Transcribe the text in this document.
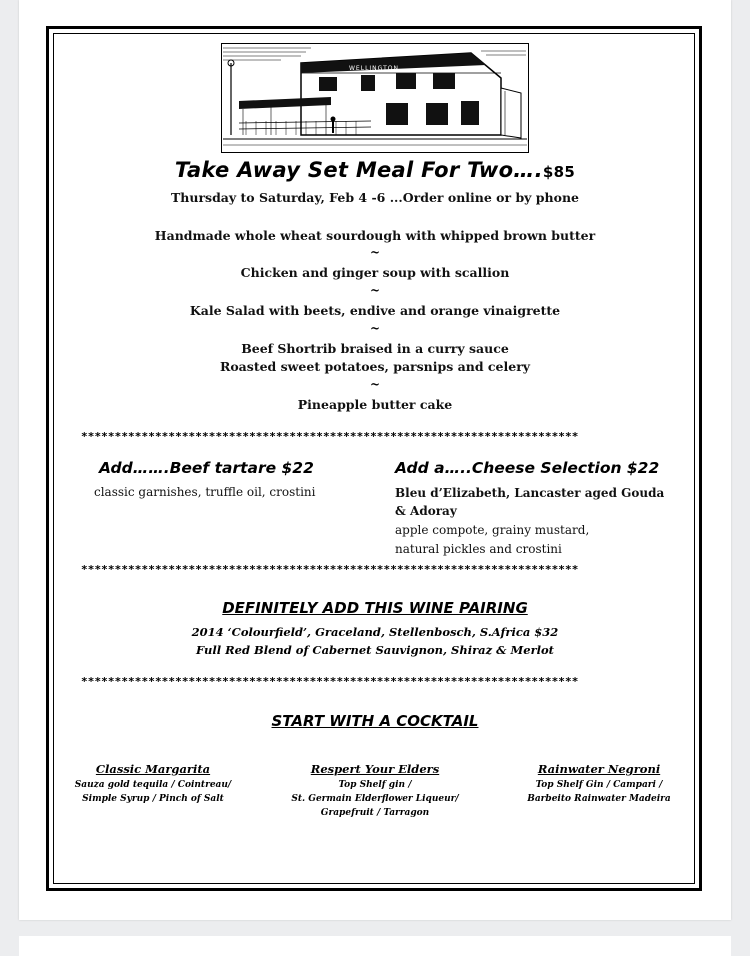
WELLINGTON
Take Away Set Meal For Two….$85
Thursday to Saturday, Feb 4 -6 ...Order online or by phone
Handmade whole wheat sourdough with whipped brown butter
~
Chicken and ginger soup with scallion
~
Kale Salad with beets, endive and orange vinaigrette
~
Beef Shortrib braised in a curry sauce
Roasted sweet potatoes, parsnips and celery
~
Pineapple butter cake
**************************************************************************
Add…….Beef tartare $22
classic garnishes, truffle oil, crostini
Add a…..Cheese Selection $22
Bleu d’Elizabeth, Lancaster aged Gouda
& Adoray
apple compote, grainy mustard,
natural pickles and crostini
**************************************************************************
DEFINITELY ADD THIS WINE PAIRING
2014 ‘Colourfield’, Graceland, Stellenbosch, S.Africa $32
Full Red Blend of Cabernet Sauvignon, Shiraz & Merlot
**************************************************************************
START WITH A COCKTAIL
Classic Margarita
Sauza gold tequila / Cointreau/
Simple Syrup / Pinch of Salt
Respert Your Elders
Top Shelf gin /
St. Germain Elderflower Liqueur/
Grapefruit / Tarragon
Rainwater Negroni
Top Shelf Gin / Campari /
Barbeito Rainwater Madeira
